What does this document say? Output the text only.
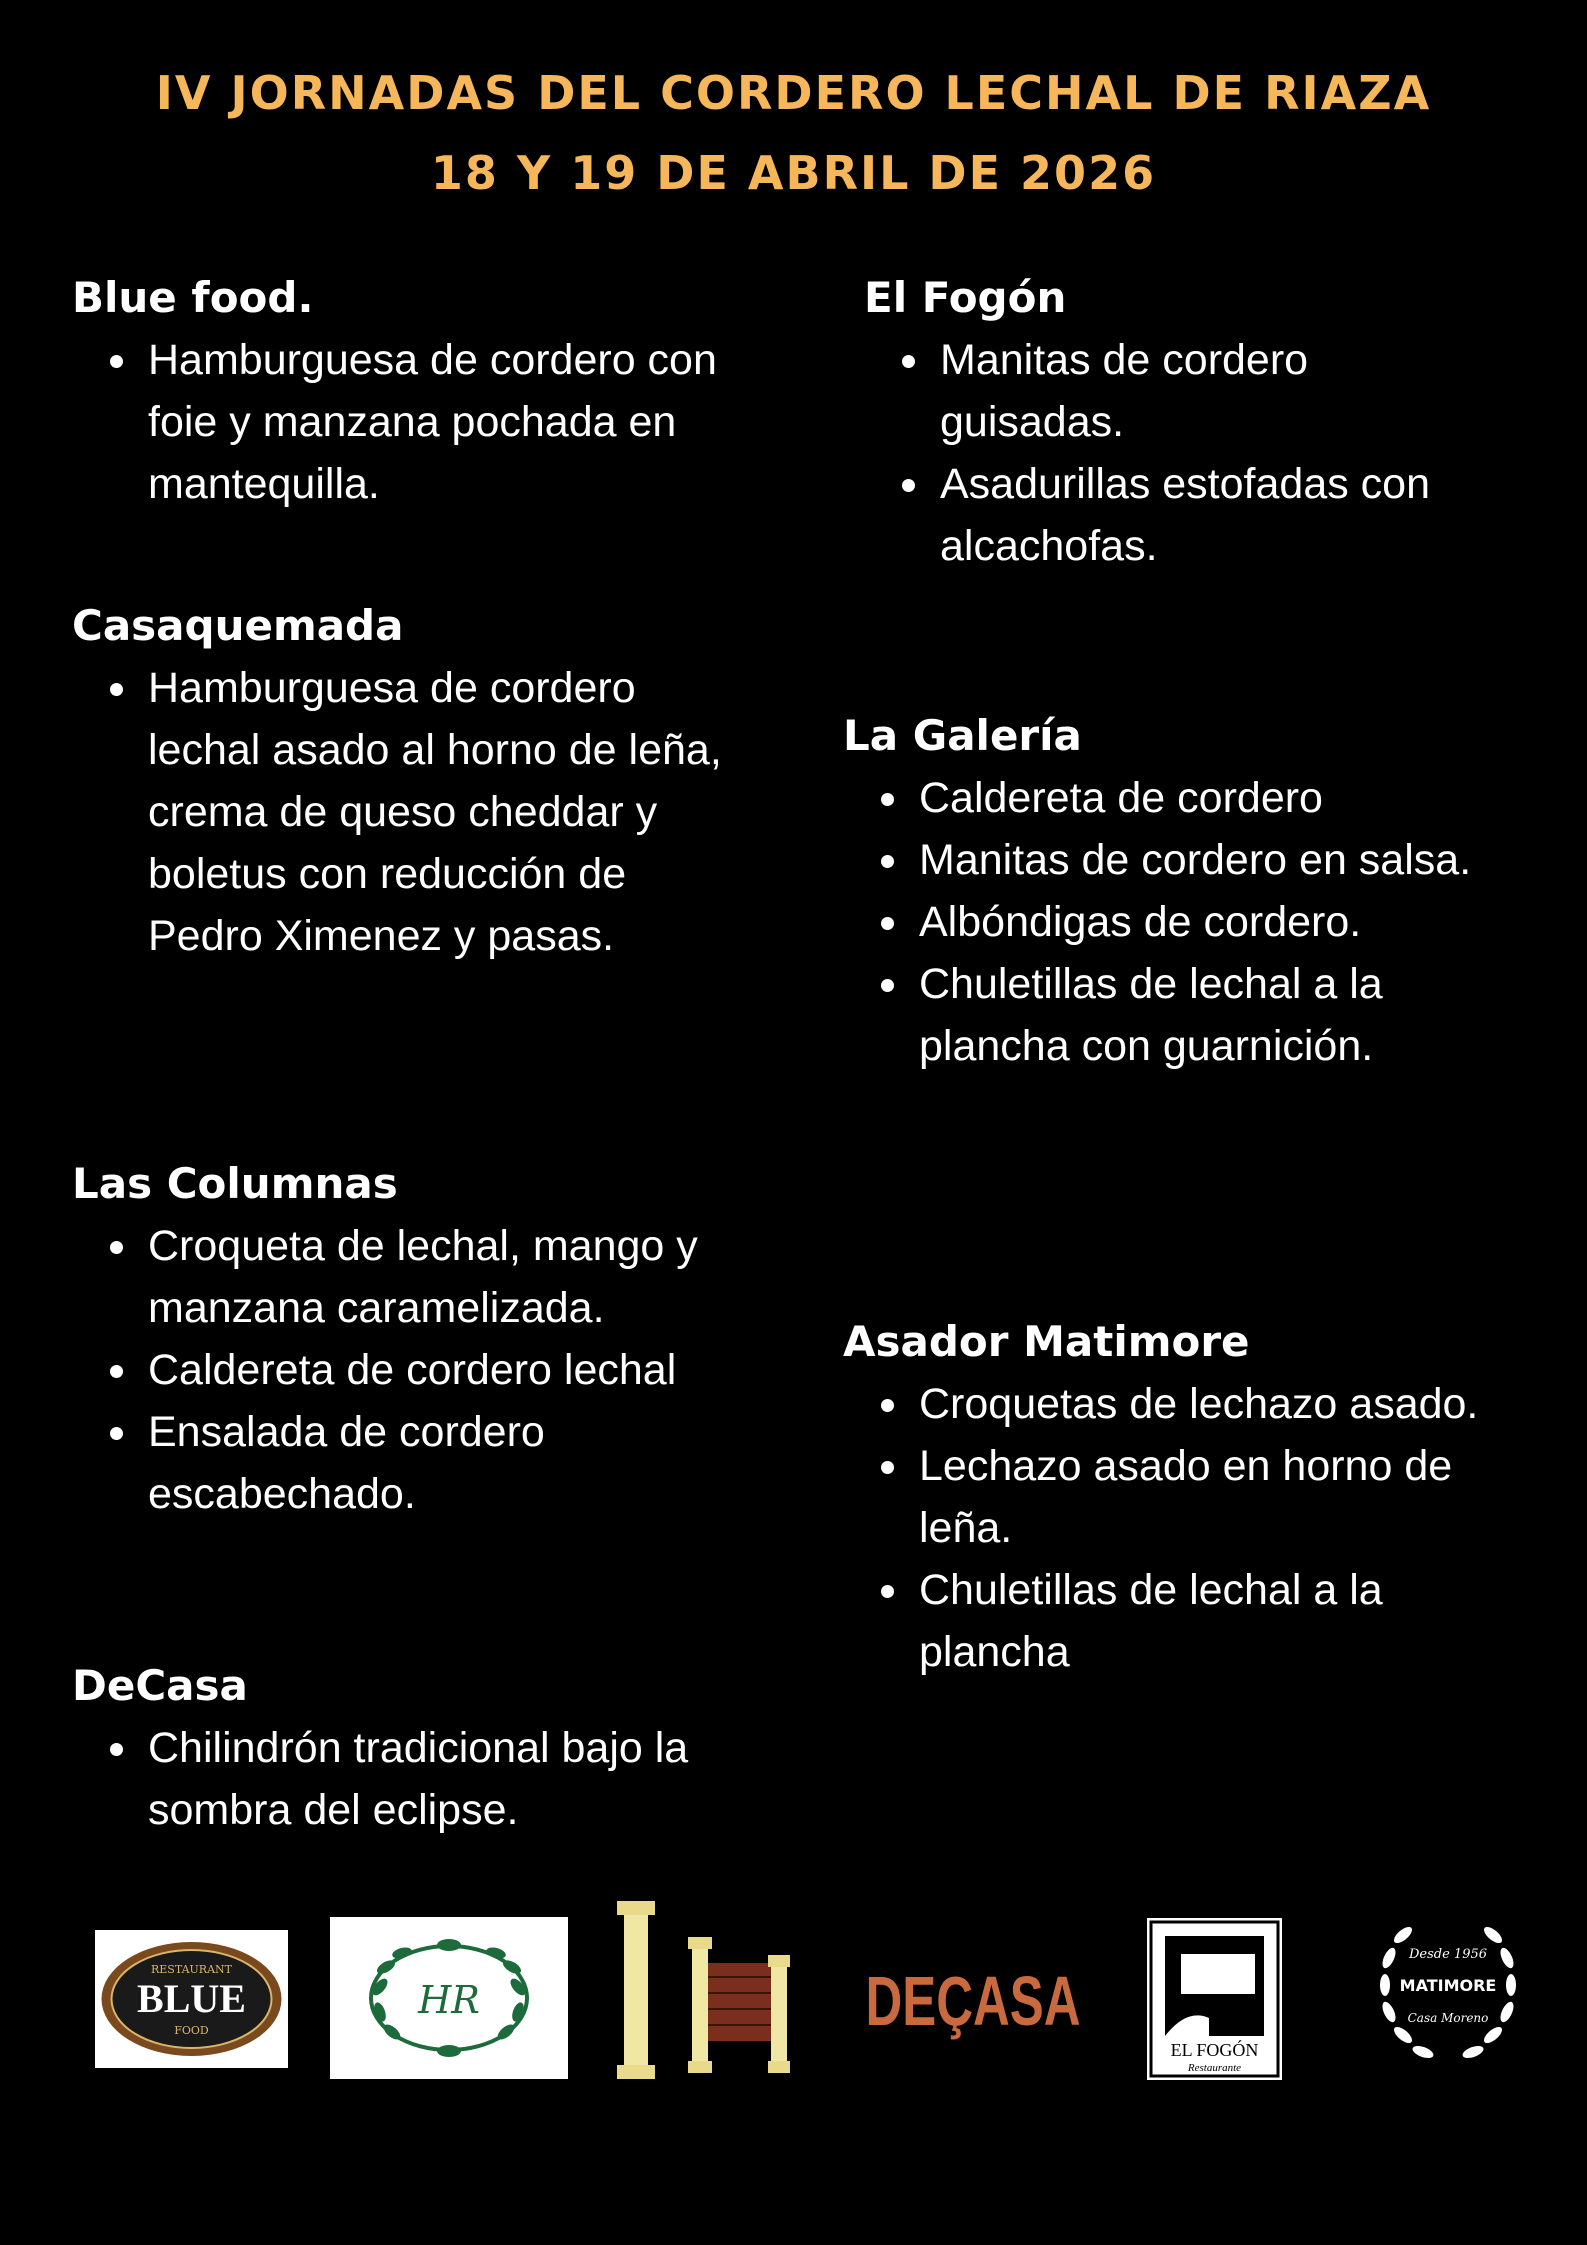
IV JORNADAS DEL CORDERO LECHAL DE RIAZA
18 Y 19 DE ABRIL DE 2026
Blue food.
Hamburguesa de cordero con foie y manzana pochada en mantequilla.
Casaquemada
Hamburguesa de cordero lechal asado al horno de leña, crema de queso cheddar y boletus con reducción de Pedro Ximenez y pasas.
Las Columnas
Croqueta de lechal, mango y manzana caramelizada.
Caldereta de cordero lechal
Ensalada de cordero escabechado.
DeCasa
Chilindrón tradicional bajo la sombra del eclipse.
El Fogón
Manitas de cordero guisadas.
Asadurillas estofadas con alcachofas.
La Galería
Caldereta de cordero
Manitas de cordero en salsa.
Albóndigas de cordero.
Chuletillas de lechal a la plancha con guarnición.
Asador Matimore
Croquetas de lechazo asado.
Lechazo asado en horno de leña.
Chuletillas de lechal a la plancha
RESTAURANT
BLUE
FOOD
HR	DEÇASA
EL FOGÓN
Restaurante
Desde 1956
MATIMORE
Casa Moreno
